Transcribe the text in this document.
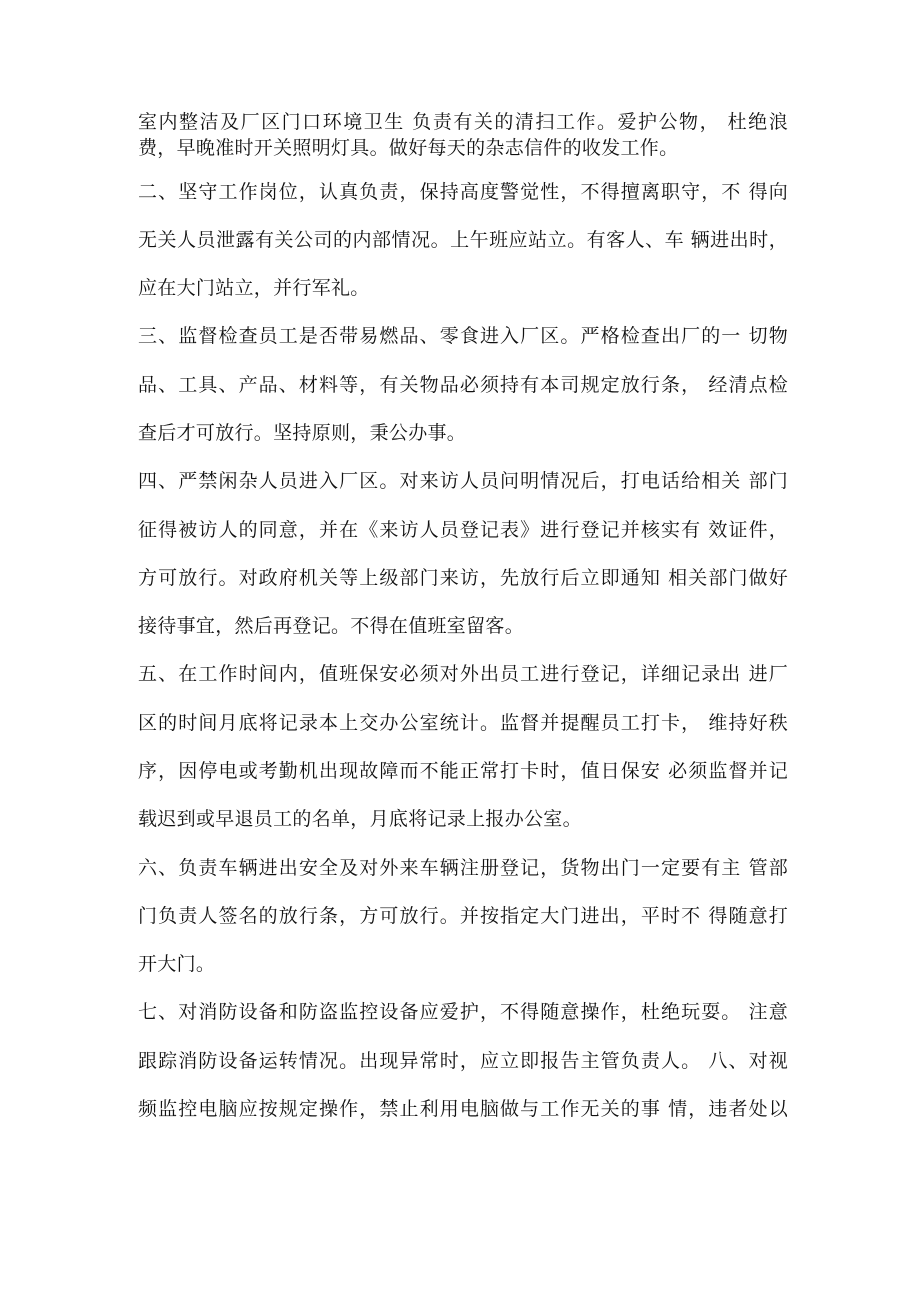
室内整洁及厂区门口环境卫生 负责有关的清扫工作。爱护公物， 杜绝浪
费，早晚准时开关照明灯具。做好每天的杂志信件的收发工作。
二、坚守工作岗位，认真负责，保持高度警觉性，不得擅离职守，不 得向
无关人员泄露有关公司的内部情况。上午班应站立。有客人、车 辆进出时，
应在大门站立，并行军礼。
三、监督检查员工是否带易燃品、零食进入厂区。严格检查出厂的一 切物
品、工具、产品、材料等，有关物品必须持有本司规定放行条， 经清点检
查后才可放行。坚持原则，秉公办事。
四、严禁闲杂人员进入厂区。对来访人员问明情况后，打电话给相关 部门
征得被访人的同意，并在《来访人员登记表》进行登记并核实有 效证件，
方可放行。对政府机关等上级部门来访，先放行后立即通知 相关部门做好
接待事宜，然后再登记。不得在值班室留客。
五、在工作时间内，值班保安必须对外出员工进行登记，详细记录出 进厂
区的时间月底将记录本上交办公室统计。监督并提醒员工打卡， 维持好秩
序，因停电或考勤机出现故障而不能正常打卡时，值日保安 必须监督并记
载迟到或早退员工的名单，月底将记录上报办公室。
六、负责车辆进出安全及对外来车辆注册登记，货物出门一定要有主 管部
门负责人签名的放行条，方可放行。并按指定大门进出，平时不 得随意打
开大门。
七、对消防设备和防盗监控设备应爱护，不得随意操作，杜绝玩耍。 注意
跟踪消防设备运转情况。出现异常时，应立即报告主管负责人。 八、对视
频监控电脑应按规定操作，禁止利用电脑做与工作无关的事 情，违者处以
